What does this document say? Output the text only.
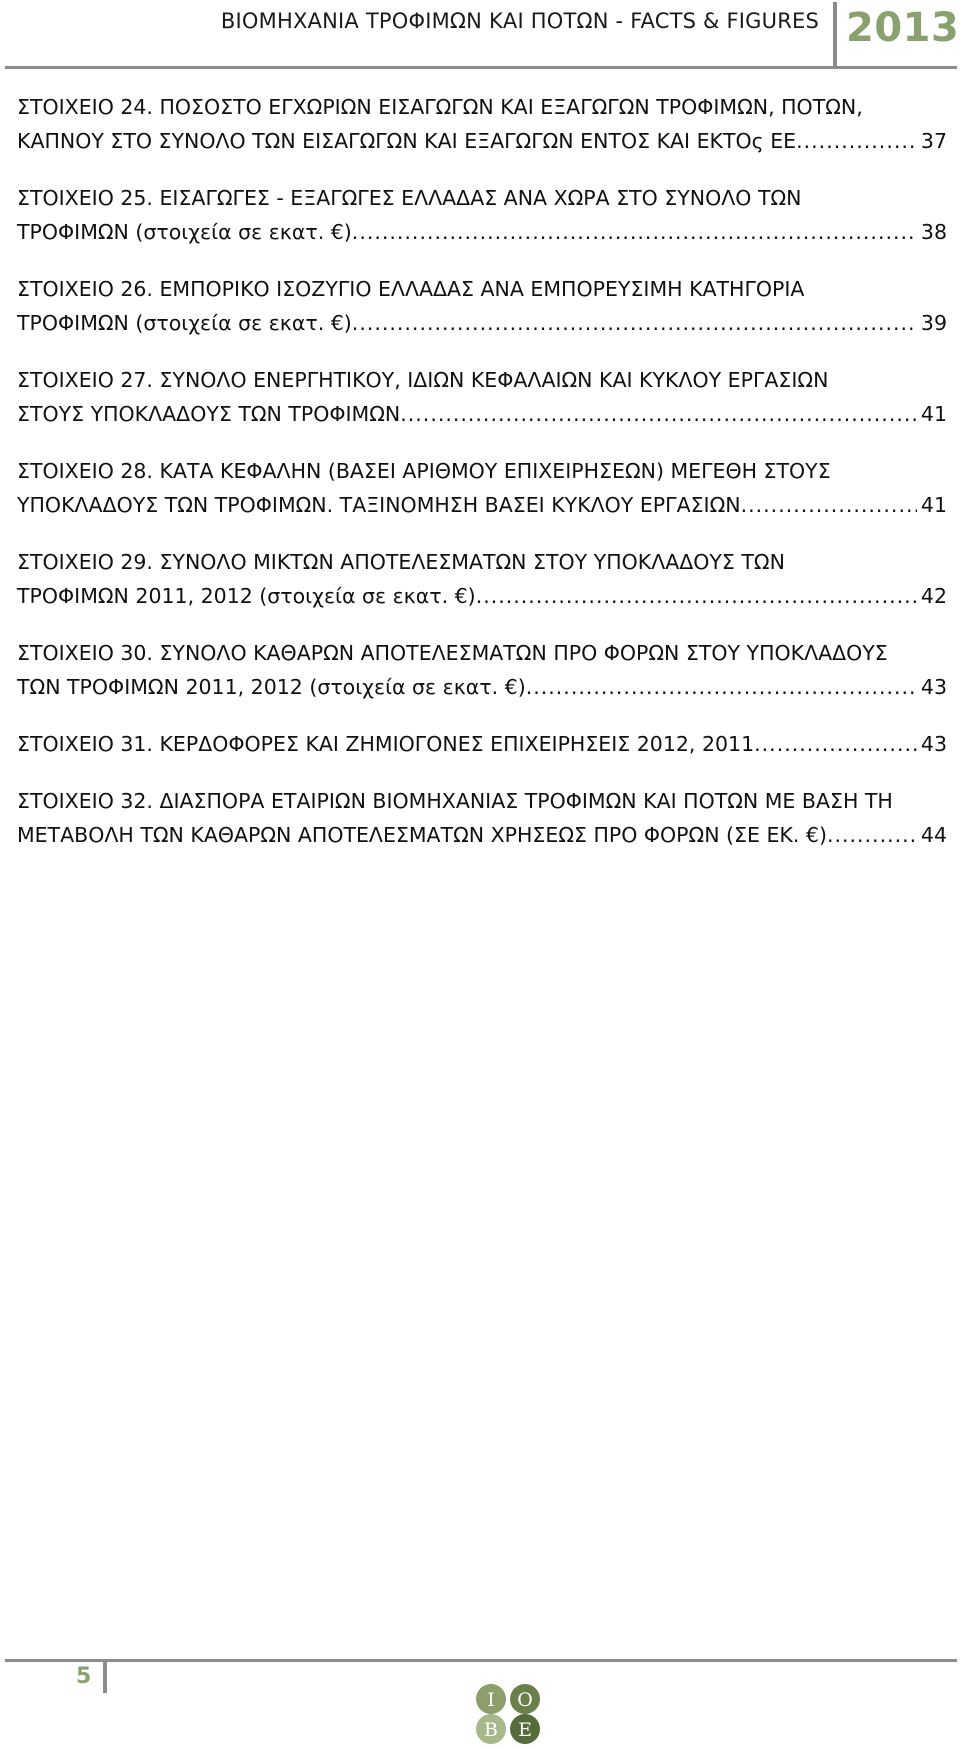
ΒΙΟΜΗΧΑΝΙΑ ΤΡΟΦΙΜΩΝ ΚΑΙ ΠΟΤΩΝ - FACTS & FIGURES 2013
ΣΤΟΙΧΕΙΟ 24. ΠΟΣΟΣΤΟ ΕΓΧΩΡΙΩΝ ΕΙΣΑΓΩΓΩΝ ΚΑΙ ΕΞΑΓΩΓΩΝ ΤΡΟΦΙΜΩΝ, ΠΟΤΩΝ,
ΚΑΠΝΟΥ ΣΤΟ ΣΥΝΟΛΟ ΤΩΝ ΕΙΣΑΓΩΓΩΝ ΚΑΙ ΕΞΑΓΩΓΩΝ ΕΝΤΟΣ ΚΑΙ ΕΚΤΟς ΕΕ .....	37
ΣΤΟΙΧΕΙΟ 25. ΕΙΣΑΓΩΓΕΣ - ΕΞΑΓΩΓΕΣ ΕΛΛΑΔΑΣ ΑΝΑ ΧΩΡΑ ΣΤΟ ΣΥΝΟΛΟ ΤΩΝ
ΤΡΟΦΙΜΩΝ (στοιχεία σε εκατ. €) .....	38
ΣΤΟΙΧΕΙΟ 26. ΕΜΠΟΡΙΚΟ ΙΣΟΖΥΓΙΟ ΕΛΛΑΔΑΣ ΑΝΑ ΕΜΠΟΡΕΥΣΙΜΗ ΚΑΤΗΓΟΡΙΑ
ΤΡΟΦΙΜΩΝ (στοιχεία σε εκατ. €) .....	39
ΣΤΟΙΧΕΙΟ 27. ΣΥΝΟΛΟ ΕΝΕΡΓΗΤΙΚΟΥ, ΙΔΙΩΝ ΚΕΦΑΛΑΙΩΝ ΚΑΙ ΚΥΚΛΟΥ ΕΡΓΑΣΙΩΝ
ΣΤΟΥΣ ΥΠΟΚΛΑΔΟΥΣ ΤΩΝ ΤΡΟΦΙΜΩΝ .....	41
ΣΤΟΙΧΕΙΟ 28. ΚΑΤΑ ΚΕΦΑΛΗΝ (ΒΑΣΕΙ ΑΡΙΘΜΟΥ ΕΠΙΧΕΙΡΗΣΕΩΝ) ΜΕΓΕΘΗ ΣΤΟΥΣ
ΥΠΟΚΛΑΔΟΥΣ ΤΩΝ ΤΡΟΦΙΜΩΝ. ΤΑΞΙΝΟΜΗΣΗ ΒΑΣΕΙ ΚΥΚΛΟΥ ΕΡΓΑΣΙΩΝ .....	41
ΣΤΟΙΧΕΙΟ 29. ΣΥΝΟΛΟ ΜΙΚΤΩΝ ΑΠΟΤΕΛΕΣΜΑΤΩΝ ΣΤΟΥ ΥΠΟΚΛΑΔΟΥΣ ΤΩΝ
ΤΡΟΦΙΜΩΝ 2011, 2012 (στοιχεία σε εκατ. €) .....	42
ΣΤΟΙΧΕΙΟ 30. ΣΥΝΟΛΟ ΚΑΘΑΡΩΝ ΑΠΟΤΕΛΕΣΜΑΤΩΝ ΠΡΟ ΦΟΡΩΝ ΣΤΟΥ ΥΠΟΚΛΑΔΟΥΣ
ΤΩΝ ΤΡΟΦΙΜΩΝ 2011, 2012 (στοιχεία σε εκατ. €) .....	43
ΣΤΟΙΧΕΙΟ 31. ΚΕΡΔΟΦΟΡΕΣ ΚΑΙ ΖΗΜΙΟΓΟΝΕΣ ΕΠΙΧΕΙΡΗΣΕΙΣ 2012, 2011 .....	43
ΣΤΟΙΧΕΙΟ 32. ΔΙΑΣΠΟΡΑ ΕΤΑΙΡΙΩΝ ΒΙΟΜΗΧΑΝΙΑΣ ΤΡΟΦΙΜΩΝ ΚΑΙ ΠΟΤΩΝ ΜΕ ΒΑΣΗ ΤΗ
ΜΕΤΑΒΟΛΗ ΤΩΝ ΚΑΘΑΡΩΝ ΑΠΟΤΕΛΕΣΜΑΤΩΝ ΧΡΗΣΕΩΣ ΠΡΟ ΦΟΡΩΝ (ΣΕ ΕΚ. €) .....	44
5
Ι Ο
Β Ε
